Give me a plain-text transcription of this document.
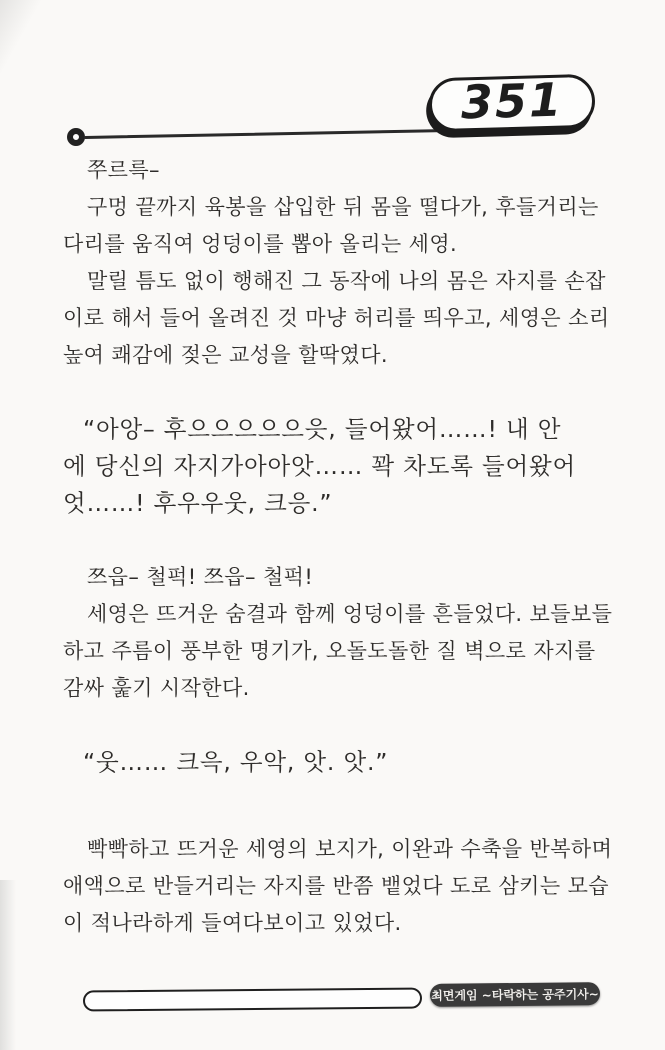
351
쭈르륵–
구멍 끝까지 육봉을 삽입한 뒤 몸을 떨다가, 후들거리는
다리를 움직여 엉덩이를 뽑아 올리는 세영.
말릴 틈도 없이 행해진 그 동작에 나의 몸은 자지를 손잡
이로 해서 들어 올려진 것 마냥 허리를 띄우고, 세영은 소리
높여 쾌감에 젖은 교성을 할딱였다.
“아앙– 후으으으으으읏, 들어왔어……! 내 안
에 당신의 자지가아아앗…… 꽉 차도록 들어왔어
엇……! 후우우웃, 크응.”
쯔읍– 철퍽! 쯔읍– 철퍽!
세영은 뜨거운 숨결과 함께 엉덩이를 흔들었다. 보들보들
하고 주름이 풍부한 명기가, 오돌도돌한 질 벽으로 자지를
감싸 훑기 시작한다.
“웃…… 크윽, 우악, 앗. 앗.”
빡빡하고 뜨거운 세영의 보지가, 이완과 수축을 반복하며
애액으로 반들거리는 자지를 반쯤 뱉었다 도로 삼키는 모습
이 적나라하게 들여다보이고 있었다.
최면게임 ~타락하는 공주기사~
